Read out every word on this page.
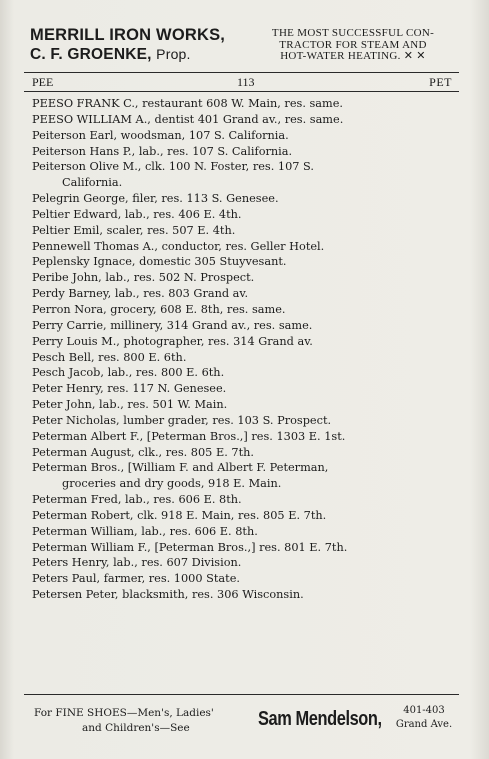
MERRILL IRON WORKS,
C. F. GROENKE, Prop.
THE MOST SUCCESSFUL CON-
TRACTOR FOR STEAM AND
HOT-WATER HEATING. ✕ ✕
PEE	113	PET
PEESO FRANK C., restaurant 608 W. Main, res. same.
PEESO WILLIAM A., dentist 401 Grand av., res. same.
Peiterson Earl, woodsman, 107 S. California.
Peiterson Hans P., lab., res. 107 S. California.
Peiterson Olive M., clk. 100 N. Foster, res. 107 S.
California.
Pelegrin George, filer, res. 113 S. Genesee.
Peltier Edward, lab., res. 406 E. 4th.
Peltier Emil, scaler, res. 507 E. 4th.
Pennewell Thomas A., conductor, res. Geller Hotel.
Peplensky Ignace, domestic 305 Stuyvesant.
Peribe John, lab., res. 502 N. Prospect.
Perdy Barney, lab., res. 803 Grand av.
Perron Nora, grocery, 608 E. 8th, res. same.
Perry Carrie, millinery, 314 Grand av., res. same.
Perry Louis M., photographer, res. 314 Grand av.
Pesch Bell, res. 800 E. 6th.
Pesch Jacob, lab., res. 800 E. 6th.
Peter Henry, res. 117 N. Genesee.
Peter John, lab., res. 501 W. Main.
Peter Nicholas, lumber grader, res. 103 S. Prospect.
Peterman Albert F., [Peterman Bros.,] res. 1303 E. 1st.
Peterman August, clk., res. 805 E. 7th.
Peterman Bros., [William F. and Albert F. Peterman,
groceries and dry goods, 918 E. Main.
Peterman Fred, lab., res. 606 E. 8th.
Peterman Robert, clk. 918 E. Main, res. 805 E. 7th.
Peterman William, lab., res. 606 E. 8th.
Peterman William F., [Peterman Bros.,] res. 801 E. 7th.
Peters Henry, lab., res. 607 Division.
Peters Paul, farmer, res. 1000 State.
Petersen Peter, blacksmith, res. 306 Wisconsin.
For FINE SHOES—Men's, Ladies'
and Children's—See	Sam Mendelson,	401-403
Grand Ave.
